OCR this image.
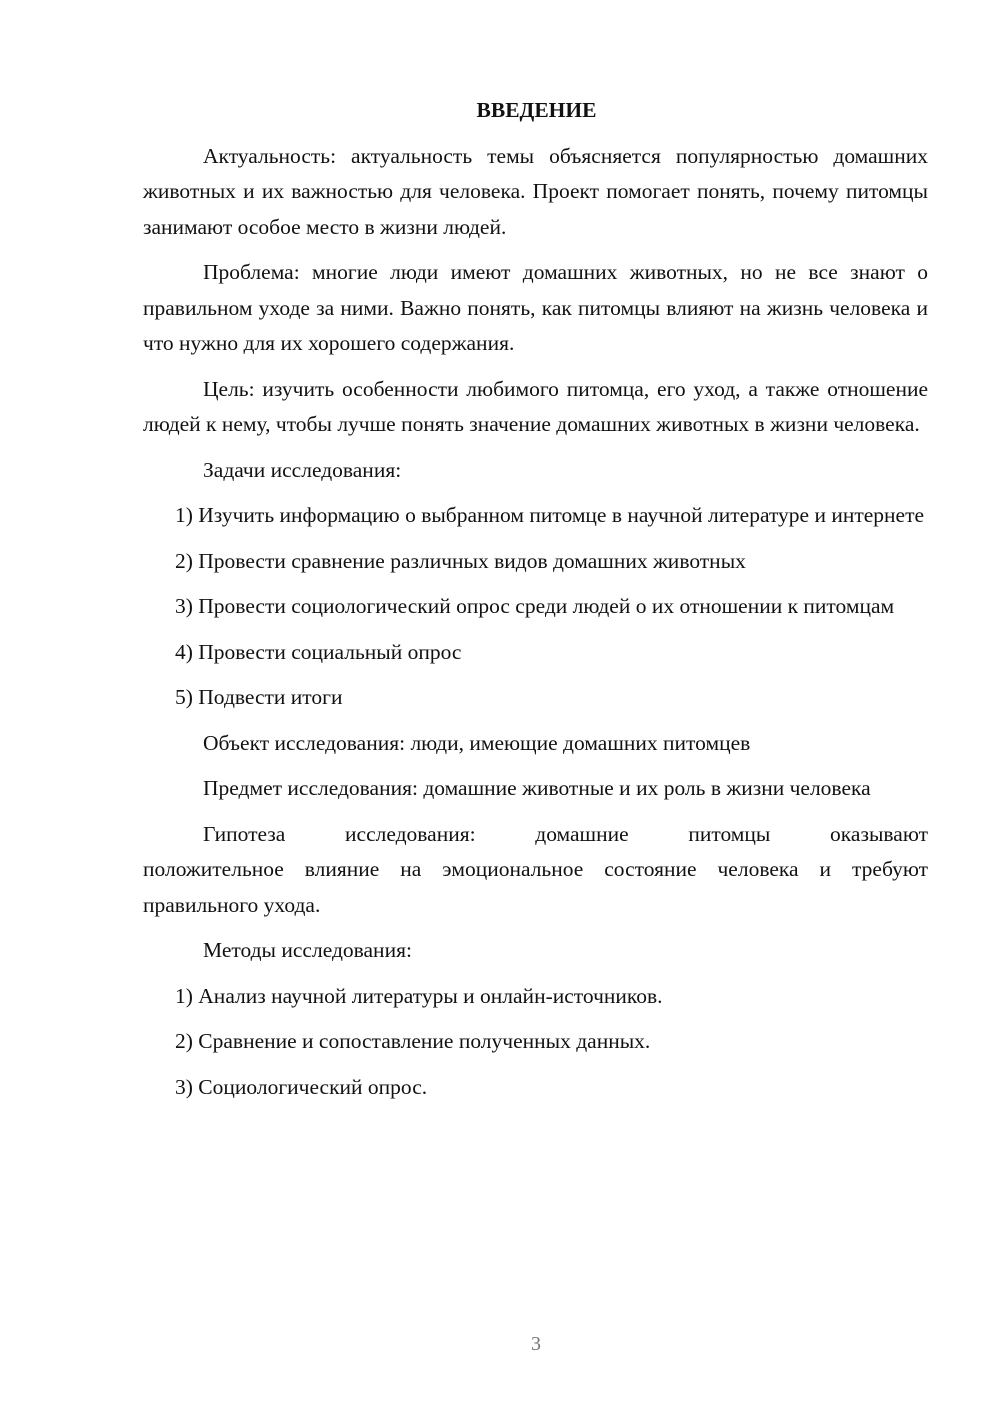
ВВЕДЕНИЕ

Актуальность: актуальность темы объясняется популярностью домашних животных и их важностью для человека. Проект помогает понять, почему питомцы занимают особое место в жизни людей.

Проблема: многие люди имеют домашних животных, но не все знают о правильном уходе за ними. Важно понять, как питомцы влияют на жизнь человека и что нужно для их хорошего содержания.

Цель: изучить особенности любимого питомца, его уход, а также отношение людей к нему, чтобы лучше понять значение домашних животных в жизни человека.

Задачи исследования:

1) Изучить информацию о выбранном питомце в научной литературе и интернете

2) Провести сравнение различных видов домашних животных

3) Провести социологический опрос среди людей о их отношении к питомцам

4) Провести социальный опрос

5) Подвести итоги

Объект исследования: люди, имеющие домашних питомцев

Предмет исследования: домашние животные и их роль в жизни человека

Гипотеза исследования: домашние питомцы оказывают

положительное влияние на эмоциональное состояние человека и требуют правильного ухода.

Методы исследования:

1) Анализ научной литературы и онлайн-источников.

2) Сравнение и сопоставление полученных данных.

3) Социологический опрос.

3
